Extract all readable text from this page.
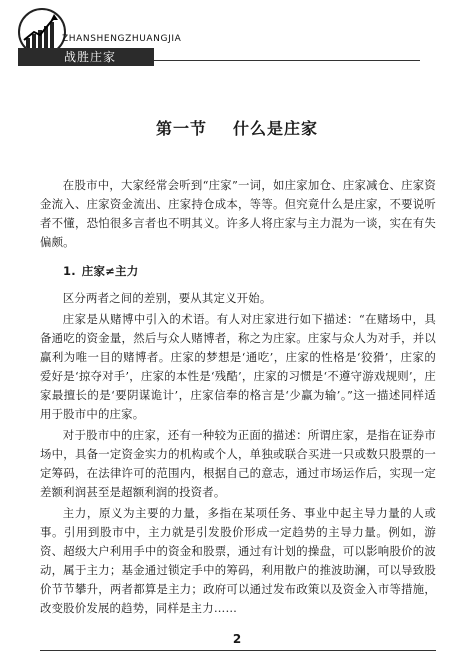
ZHANSHENGZHUANGJIA
战胜庄家
第一节 什么是庄家

在股市中，大家经常会听到“庄家”一词，如庄家加仓、庄家减仓、庄家资金流入、庄家资金流出、庄家持仓成本，等等。但究竟什么是庄家，不要说听者不懂，恐怕很多言者也不明其义。许多人将庄家与主力混为一谈，实在有失偏颇。

1. 庄家≠主力

区分两者之间的差别，要从其定义开始。

庄家是从赌博中引入的术语。有人对庄家进行如下描述：“在赌场中，具备通吃的资金量，然后与众人赌博者，称之为庄家。庄家与众人为对手，并以赢利为唯一目的赌博者。庄家的梦想是‘通吃’，庄家的性格是‘狡猾’，庄家的爱好是‘掠夺对手’，庄家的本性是‘残酷’，庄家的习惯是‘不遵守游戏规则’，庄家最擅长的是‘要阴谋诡计’，庄家信奉的格言是‘少赢为输’。”这一描述同样适用于股市中的庄家。

对于股市中的庄家，还有一种较为正面的描述：所谓庄家，是指在证券市场中，具备一定资金实力的机构或个人，单独或联合买进一只或数只股票的一定筹码，在法律许可的范围内，根据自己的意志，通过市场运作后，实现一定差额利润甚至是超额利润的投资者。

主力，原义为主要的力量，多指在某项任务、事业中起主导力量的人或事。引用到股市中，主力就是引发股价形成一定趋势的主导力量。例如，游资、超级大户利用手中的资金和股票，通过有计划的操盘，可以影响股价的波动，属于主力；基金通过锁定手中的筹码，利用散户的推波助澜，可以导致股价节节攀升，两者都算是主力；政府可以通过发布政策以及资金入市等措施，改变股价发展的趋势，同样是主力……

2
